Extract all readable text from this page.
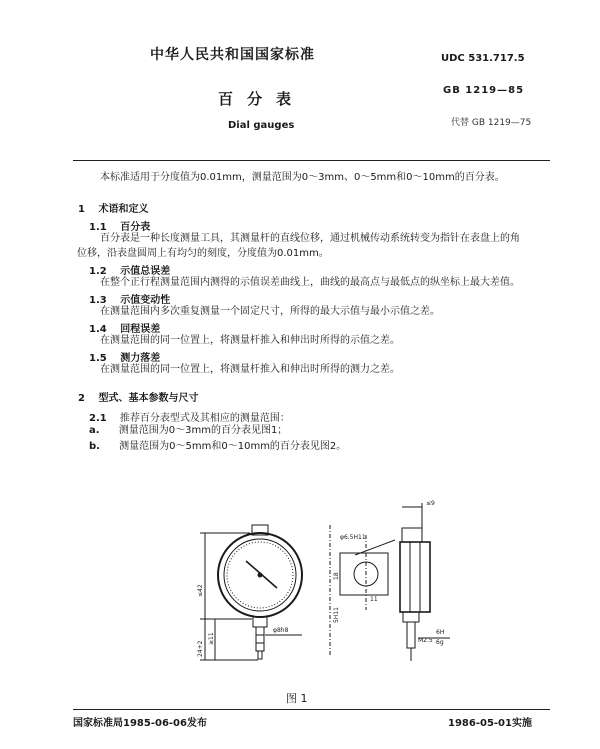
中华人民共和国国家标准	UDC 531.717.5
百分表	GB 1219—85
Dial gauges	代替 GB 1219—75
本标准适用于分度值为0.01mm，测量范围为0～3mm、0～5mm和0～10mm的百分表。
1 术语和定义
1.1 百分表
百分表是一种长度测量工具，其测量杆的直线位移，通过机械传动系统转变为指针在表盘上的角
位移，沿表盘圆周上有均匀的刻度，分度值为0.01mm。
1.2 示值总误差
在整个正行程测量范围内测得的示值误差曲线上，曲线的最高点与最低点的纵坐标上最大差值。
1.3 示值变动性
在测量范围内多次重复测量一个固定尺寸，所得的最大示值与最小示值之差。
1.4 回程误差
在测量范围的同一位置上，将测量杆推入和伸出时所得的示值之差。
1.5 测力落差
在测量范围的同一位置上，将测量杆推入和伸出时所得的测力之差。
2 型式、基本参数与尺寸
2.1 推荐百分表型式及其相应的测量范围：
a. 测量范围为0～3mm的百分表见图1；
b. 测量范围为0～5mm和0～10mm的百分表见图2。
≤42
≥11
24+2
φ8h8
φ6.5H11
18
11
5H11
≤9
M2.5
6H
6g
图 1
国家标准局1985-06-06发布	1986-05-01实施
